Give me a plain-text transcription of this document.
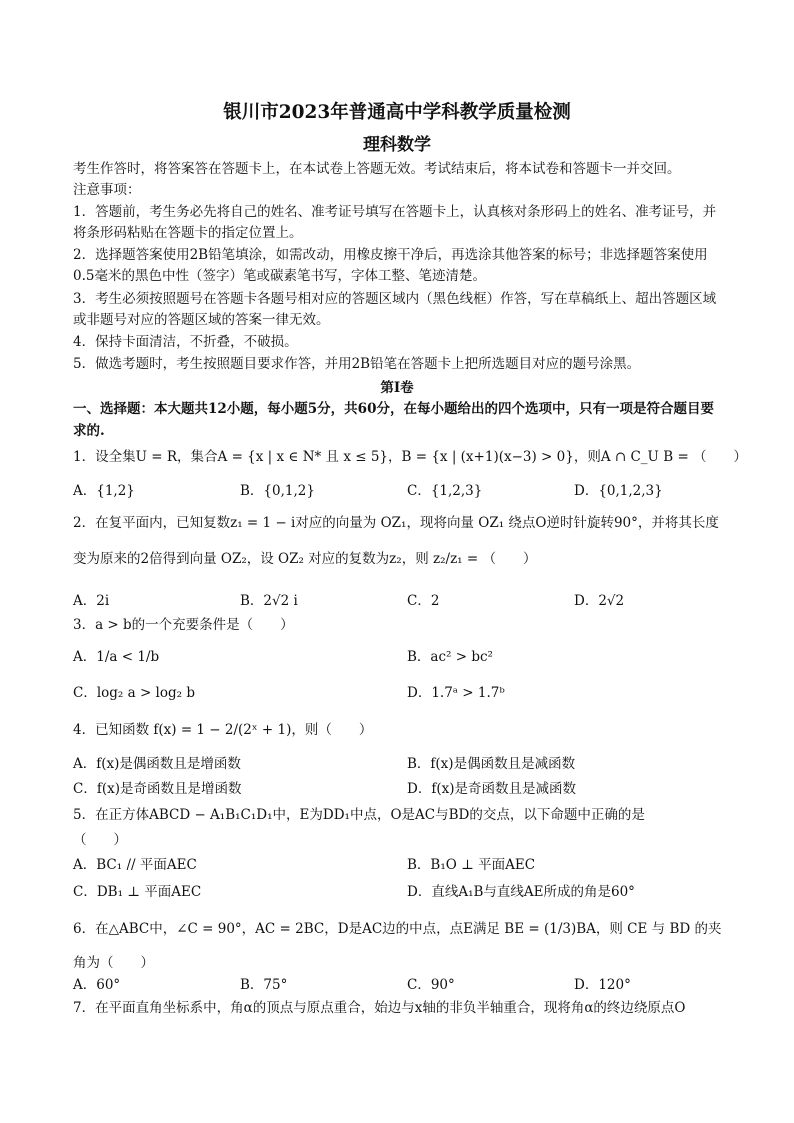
银川市2023年普通高中学科教学质量检测
理科数学
考生作答时，将答案答在答题卡上，在本试卷上答题无效。考试结束后，将本试卷和答题卡一并交回。
注意事项：
1．答题前，考生务必先将自己的姓名、准考证号填写在答题卡上，认真核对条形码上的姓名、准考证号，并将条形码粘贴在答题卡的指定位置上。
2．选择题答案使用2B铅笔填涂，如需改动，用橡皮擦干净后，再选涂其他答案的标号；非选择题答案使用0.5毫米的黑色中性（签字）笔或碳素笔书写，字体工整、笔迹清楚。
3．考生必须按照题号在答题卡各题号相对应的答题区域内（黑色线框）作答，写在草稿纸上、超出答题区域或非题号对应的答题区域的答案一律无效。
4．保持卡面清洁，不折叠，不破损。
5．做选考题时，考生按照题目要求作答，并用2B铅笔在答题卡上把所选题目对应的题号涂黑。
第Ⅰ卷
一、选择题：本大题共12小题，每小题5分，共60分，在每小题给出的四个选项中，只有一项是符合题目要求的.
1．设全集U = R，集合A = {x | x ∈ N* 且 x ≤ 5}，B = {x | (x+1)(x−3) > 0}，则A ∩ C_U B = （　　）
A．{1,2}	B．{0,1,2}	C．{1,2,3}	D．{0,1,2,3}
2．在复平面内，已知复数z₁ = 1 − i对应的向量为 OZ₁，现将向量 OZ₁ 绕点O逆时针旋转90°，并将其长度
变为原来的2倍得到向量 OZ₂，设 OZ₂ 对应的复数为z₂，则 z₂/z₁ = （　　）
A．2i	B．2√2 i	C．2	D．2√2
3．a > b的一个充要条件是（　　）
A．1/a < 1/b	B．ac² > bc²
C．log₂ a > log₂ b	D．1.7ᵃ > 1.7ᵇ
4．已知函数 f(x) = 1 − 2/(2ˣ + 1)，则（　　）
A．f(x)是偶函数且是增函数	B．f(x)是偶函数且是减函数
C．f(x)是奇函数且是增函数	D．f(x)是奇函数且是减函数
5．在正方体ABCD − A₁B₁C₁D₁中，E为DD₁中点，O是AC与BD的交点，以下命题中正确的是
（　　）
A．BC₁ // 平面AEC	B．B₁O ⊥ 平面AEC
C．DB₁ ⊥ 平面AEC	D．直线A₁B与直线AE所成的角是60°
6．在△ABC中，∠C = 90°，AC = 2BC，D是AC边的中点，点E满足 BE = (1/3)BA，则 CE 与 BD 的夹
角为（　　）
A．60°	B．75°	C．90°	D．120°
7．在平面直角坐标系中，角α的顶点与原点重合，始边与x轴的非负半轴重合，现将角α的终边绕原点O
